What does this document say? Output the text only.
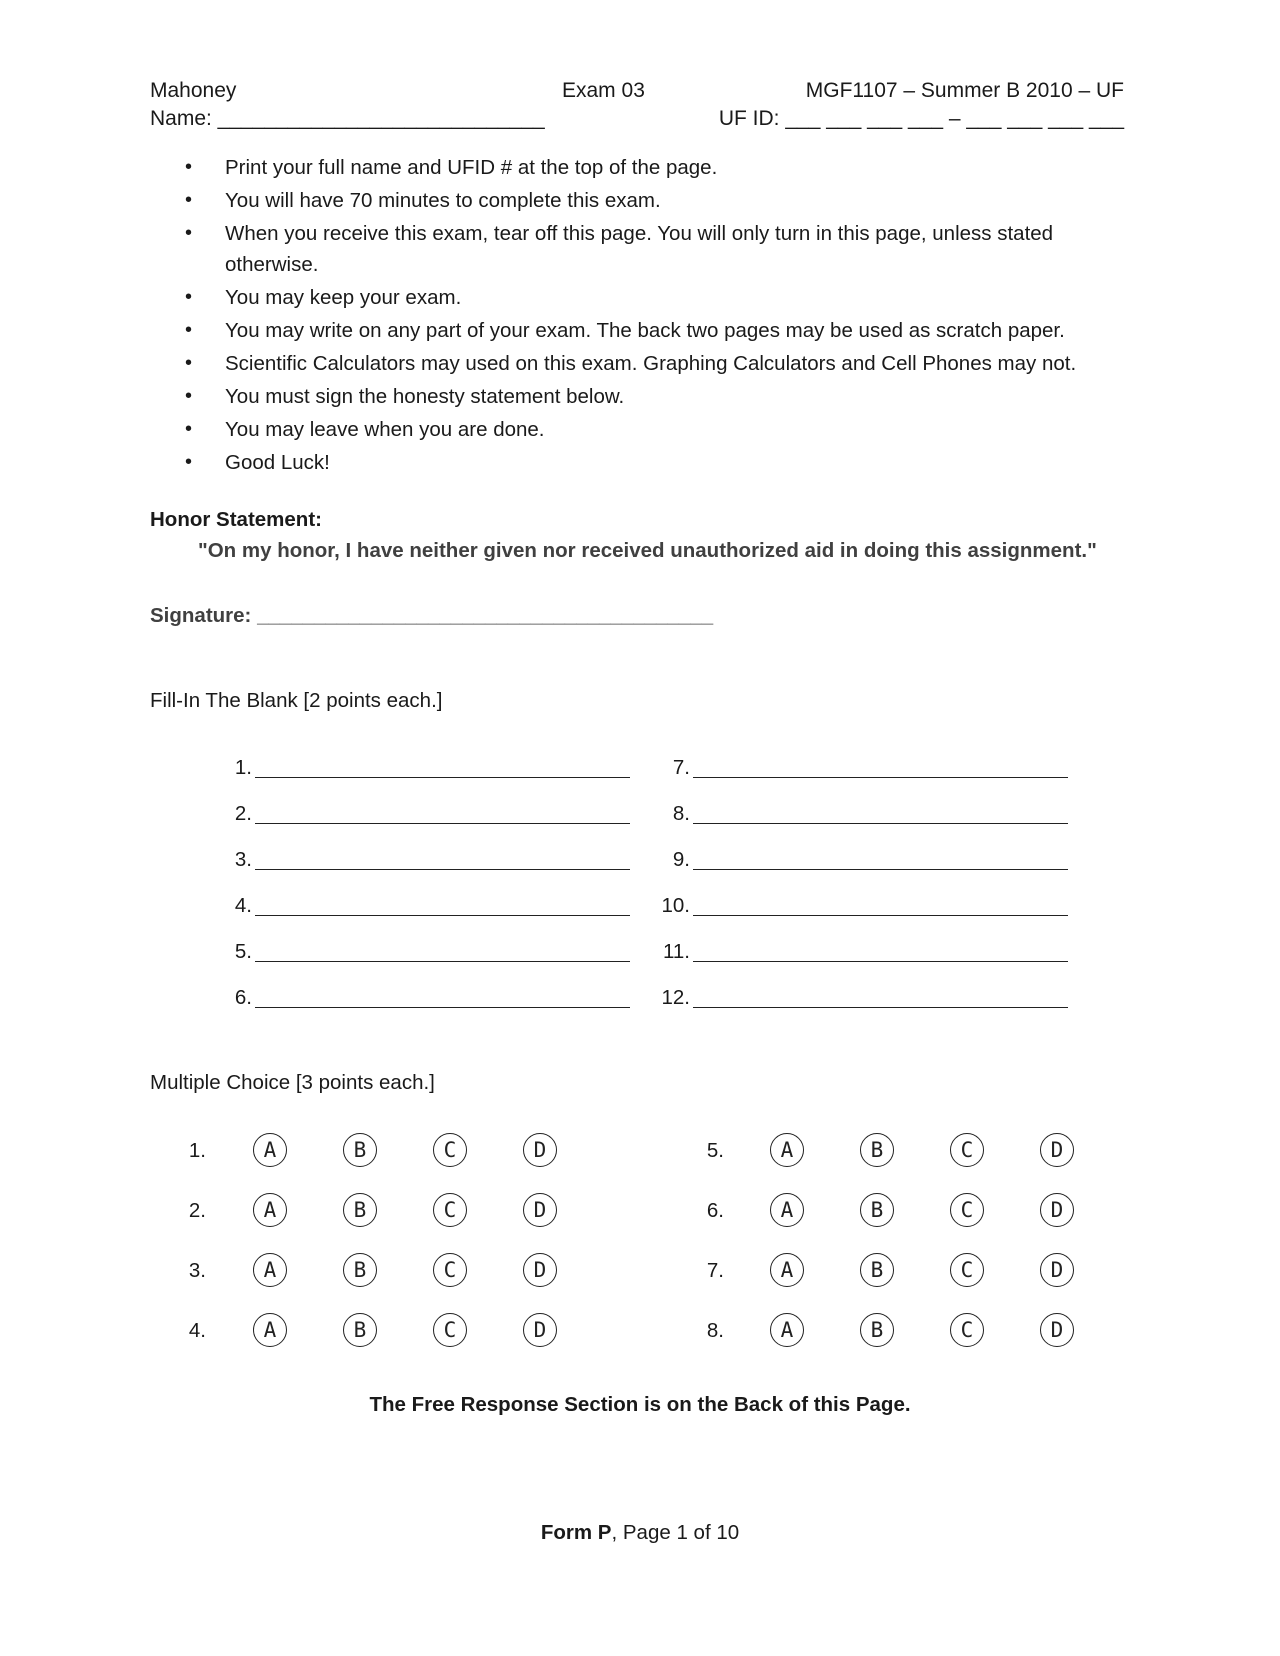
Mahoney	Exam 03	MGF1107 – Summer B 2010 – UF
Name: ____________________________	UF ID: ___ ___ ___ ___ – ___ ___ ___ ___
• Print your full name and UFID # at the top of the page.
• You will have 70 minutes to complete this exam.
• When you receive this exam, tear off this page. You will only turn in this page, unless stated otherwise.
• You may keep your exam.
• You may write on any part of your exam. The back two pages may be used as scratch paper.
• Scientific Calculators may used on this exam. Graphing Calculators and Cell Phones may not.
• You must sign the honesty statement below.
• You may leave when you are done.
• Good Luck!
Honor Statement:
"On my honor, I have neither given nor received unauthorized aid in doing this assignment."
Signature: ________________________________________
Fill-In The Blank [2 points each.]
1.
2.
3.
4.
5.
6.
7.
8.
9.
10.
11.
12.
Multiple Choice [3 points each.]
1.	A	B	C	D
2.	A	B	C	D
3.	A	B	C	D
4.	A	B	C	D
5.	A	B	C	D
6.	A	B	C	D
7.	A	B	C	D
8.	A	B	C	D
The Free Response Section is on the Back of this Page.
Form P, Page 1 of 10
